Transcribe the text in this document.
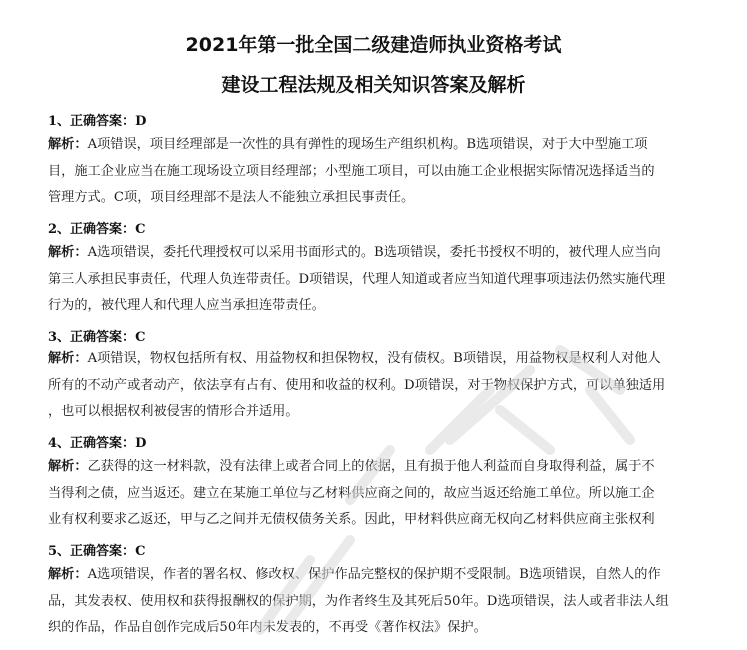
2021年第一批全国二级建造师执业资格考试
建设工程法规及相关知识答案及解析
1、正确答案：D
解析：A项错误，项目经理部是一次性的具有弹性的现场生产组织机构。B选项错误，对于大中型施工项
目，施工企业应当在施工现场设立项目经理部；小型施工项目，可以由施工企业根据实际情况选择适当的
管理方式。C项，项目经理部不是法人不能独立承担民事责任。
2、正确答案：C
解析：A选项错误，委托代理授权可以采用书面形式的。B选项错误，委托书授权不明的，被代理人应当向
第三人承担民事责任，代理人负连带责任。D项错误，代理人知道或者应当知道代理事项违法仍然实施代理
行为的，被代理人和代理人应当承担连带责任。
3、正确答案：C
解析：A项错误，物权包括所有权、用益物权和担保物权，没有债权。B项错误，用益物权是权利人对他人
所有的不动产或者动产，依法享有占有、使用和收益的权利。D项错误，对于物权保护方式，可以单独适用
，也可以根据权利被侵害的情形合并适用。
4、正确答案：D
解析：乙获得的这一材料款，没有法律上或者合同上的依据，且有损于他人利益而自身取得利益，属于不
当得利之债，应当返还。建立在某施工单位与乙材料供应商之间的，故应当返还给施工单位。所以施工企
业有权利要求乙返还，甲与乙之间并无债权债务关系。因此，甲材料供应商无权向乙材料供应商主张权利
5、正确答案：C
解析：A选项错误，作者的署名权、修改权、保护作品完整权的保护期不受限制。B选项错误，自然人的作
品，其发表权、使用权和获得报酬权的保护期，为作者终生及其死后50年。D选项错误，法人或者非法人组
织的作品，作品自创作完成后50年内未发表的，不再受《著作权法》保护。
